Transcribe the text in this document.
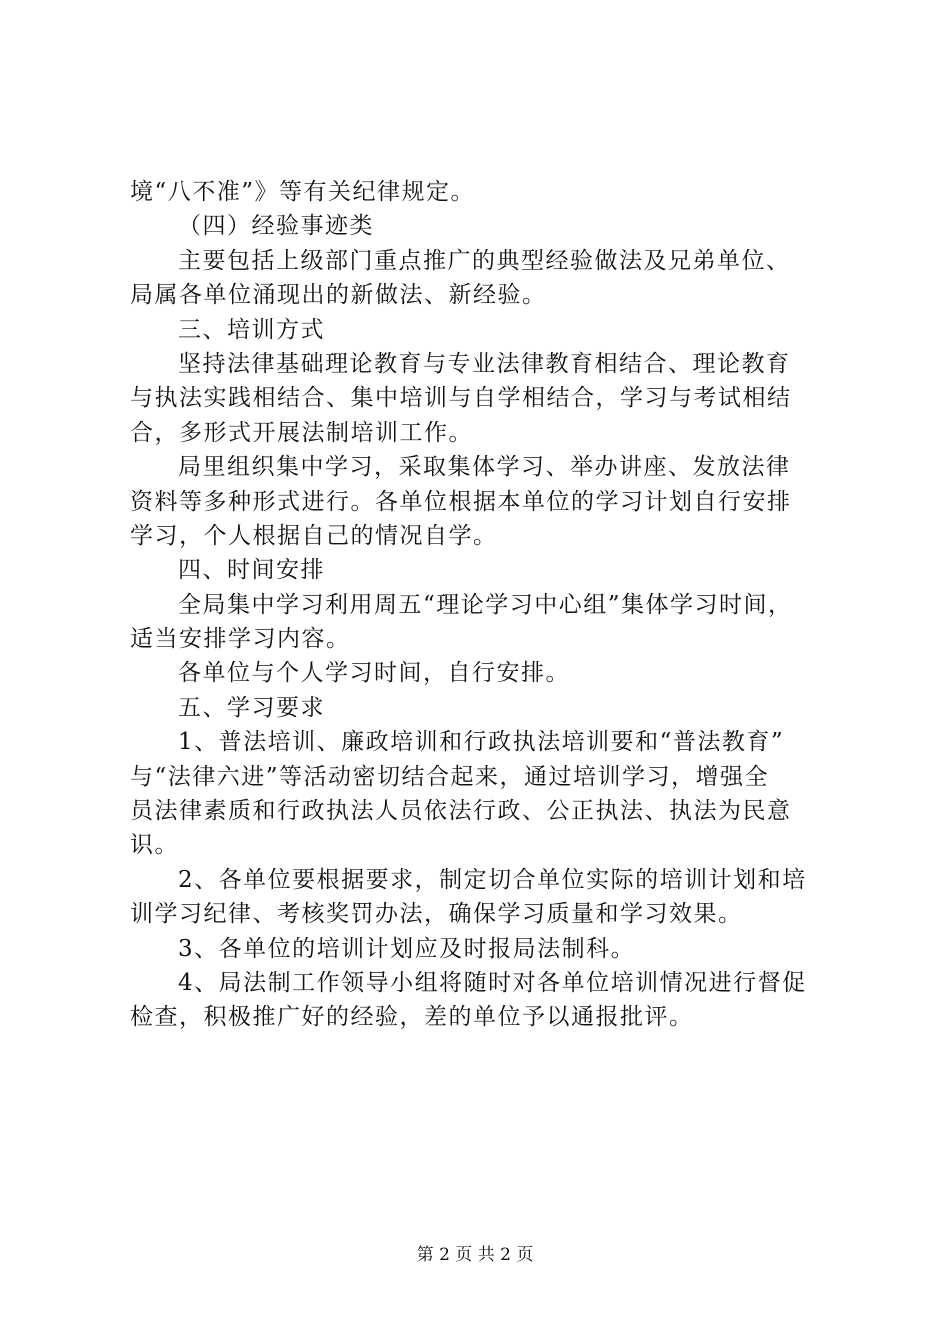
境“八不准”》等有关纪律规定。
（四）经验事迹类
主要包括上级部门重点推广的典型经验做法及兄弟单位、
局属各单位涌现出的新做法、新经验。
三、培训方式
坚持法律基础理论教育与专业法律教育相结合、理论教育
与执法实践相结合、集中培训与自学相结合，学习与考试相结
合，多形式开展法制培训工作。
局里组织集中学习，采取集体学习、举办讲座、发放法律
资料等多种形式进行。各单位根据本单位的学习计划自行安排
学习，个人根据自己的情况自学。
四、时间安排
全局集中学习利用周五“理论学习中心组”集体学习时间，
适当安排学习内容。
各单位与个人学习时间，自行安排。
五、学习要求
1、普法培训、廉政培训和行政执法培训要和“普法教育”
与“法律六进”等活动密切结合起来，通过培训学习，增强全
员法律素质和行政执法人员依法行政、公正执法、执法为民意
识。
2、各单位要根据要求，制定切合单位实际的培训计划和培
训学习纪律、考核奖罚办法，确保学习质量和学习效果。
3、各单位的培训计划应及时报局法制科。
4、局法制工作领导小组将随时对各单位培训情况进行督促
检查，积极推广好的经验，差的单位予以通报批评。
第 2 页 共 2 页
